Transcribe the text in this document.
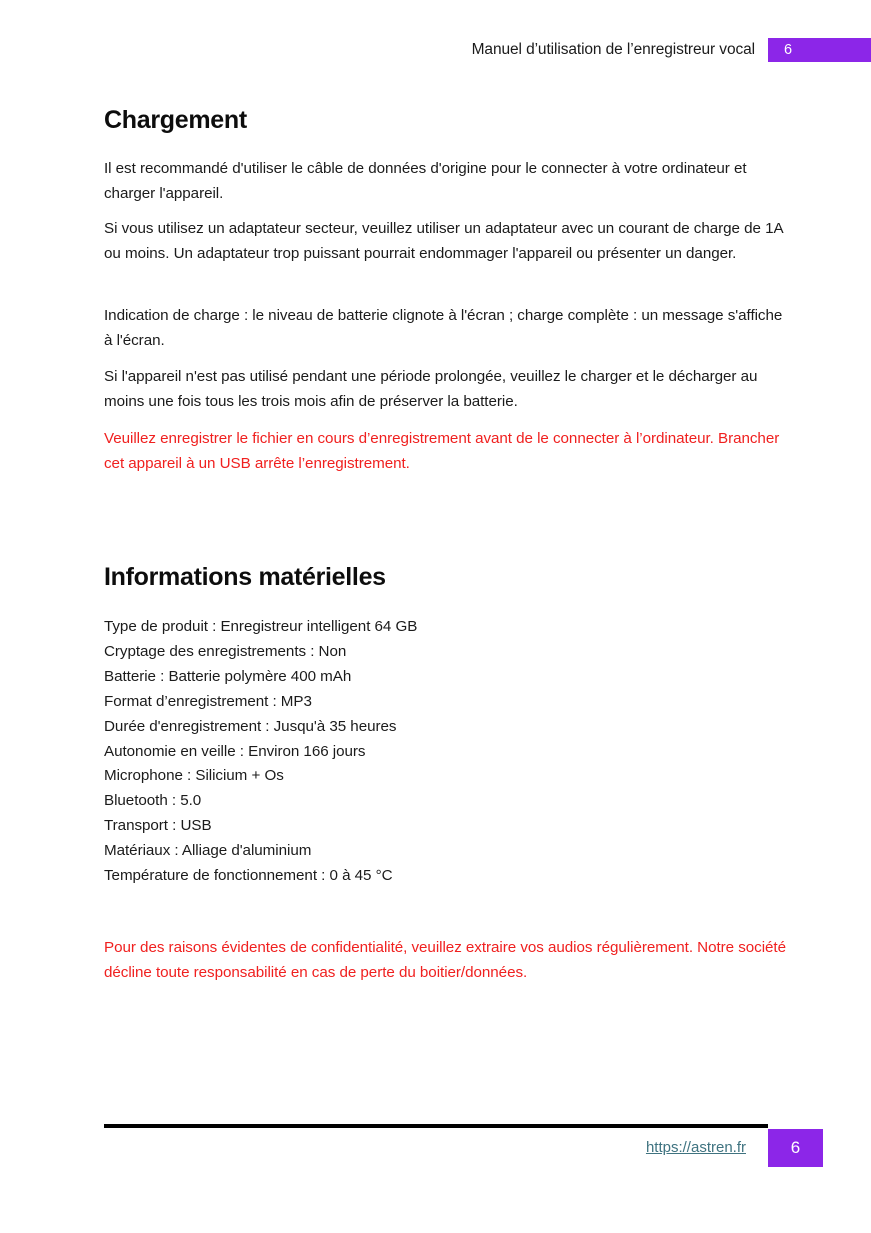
Manuel d’utilisation de l’enregistreur vocal	6
Chargement

Il est recommandé d'utiliser le câble de données d'origine pour le connecter à votre ordinateur et charger l'appareil.

Si vous utilisez un adaptateur secteur, veuillez utiliser un adaptateur avec un courant de charge de 1A ou moins. Un adaptateur trop puissant pourrait endommager l'appareil ou présenter un danger.

Indication de charge : le niveau de batterie clignote à l'écran ; charge complète : un message s'affiche à l'écran.

Si l'appareil n'est pas utilisé pendant une période prolongée, veuillez le charger et le décharger au moins une fois tous les trois mois afin de préserver la batterie.

Veuillez enregistrer le fichier en cours d’enregistrement avant de le connecter à l’ordinateur. Brancher cet appareil à un USB arrête l’enregistrement.

Informations matérielles
Type de produit : Enregistreur intelligent 64 GB
Cryptage des enregistrements : Non
Batterie : Batterie polymère 400 mAh
Format d’enregistrement : MP3
Durée d'enregistrement : Jusqu'à 35 heures
Autonomie en veille : Environ 166 jours
Microphone : Silicium + Os
Bluetooth : 5.0
Transport : USB
Matériaux : Alliage d'aluminium
Température de fonctionnement : 0 à 45 °C

Pour des raisons évidentes de confidentialité, veuillez extraire vos audios régulièrement. Notre société décline toute responsabilité en cas de perte du boitier/données.

https://astren.fr	6
